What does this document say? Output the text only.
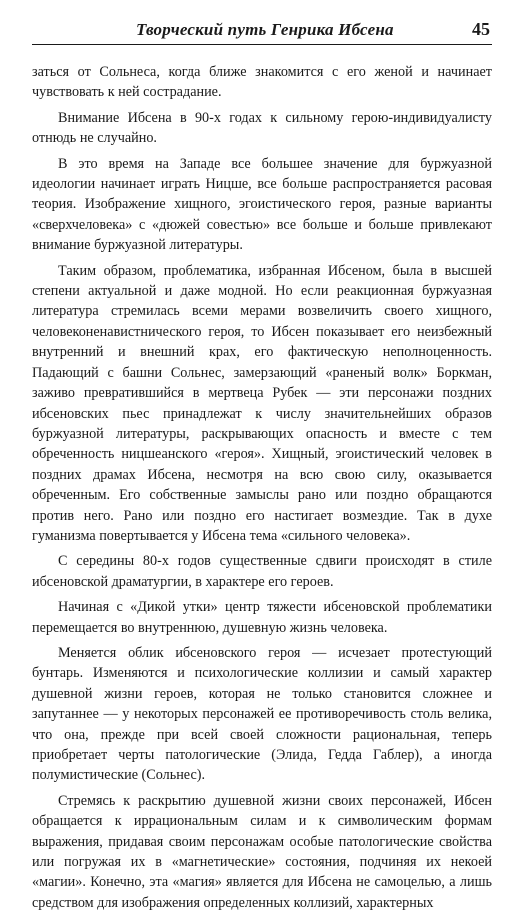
Творческий путь Генрика Ибсена	45

заться от Сольнеса, когда ближе знакомится с его женой и начинает чувствовать к ней сострадание.

Внимание Ибсена в 90-х годах к сильному герою-индивидуалисту отнюдь не случайно.

В это время на Западе все большее значение для буржуазной идеологии начинает играть Ницше, все больше распространяется расовая теория. Изображение хищного, эгоистического героя, разные варианты «сверхчеловека» с «дюжей совестью» все больше и больше привлекают внимание буржуазной литературы.

Таким образом, проблематика, избранная Ибсеном, была в высшей степени актуальной и даже модной. Но если реакционная буржуазная литература стремилась всеми мерами возвеличить своего хищного, человеконенавистнического героя, то Ибсен показывает его неизбежный внутренний и внешний крах, его фактическую неполноценность. Падающий с башни Сольнес, замерзающий «раненый волк» Боркман, заживо превратившийся в мертвеца Рубек — эти персонажи поздних ибсеновских пьес принадлежат к числу значительнейших образов буржуазной литературы, раскрывающих опасность и вместе с тем обреченность ницшеанского «героя». Хищный, эгоистический человек в поздних драмах Ибсена, несмотря на всю свою силу, оказывается обреченным. Его собственные замыслы рано или поздно обращаются против него. Рано или поздно его настигает возмездие. Так в духе гуманизма повертывается у Ибсена тема «сильного человека».

С середины 80-х годов существенные сдвиги происходят в стиле ибсеновской драматургии, в характере его героев.

Начиная с «Дикой утки» центр тяжести ибсеновской проблематики перемещается во внутреннюю, душевную жизнь человека.

Меняется облик ибсеновского героя — исчезает протестующий бунтарь. Изменяются и психологические коллизии и самый характер душевной жизни героев, которая не только становится сложнее и запутаннее — у некоторых персонажей ее противоречивость столь велика, что она, прежде при всей своей сложности рациональная, теперь приобретает черты патологические (Элида, Гедда Габлер), а иногда полумистические (Сольнес).

Стремясь к раскрытию душевной жизни своих персонажей, Ибсен обращается к иррациональным силам и к символическим формам выражения, придавая своим персонажам особые патологические свойства или погружая их в «магнетические» состояния, подчиняя их некоей «магии». Конечно, эта «магия» является для Ибсена не самоцелью, а лишь средством для изображения определенных коллизий, характерных
